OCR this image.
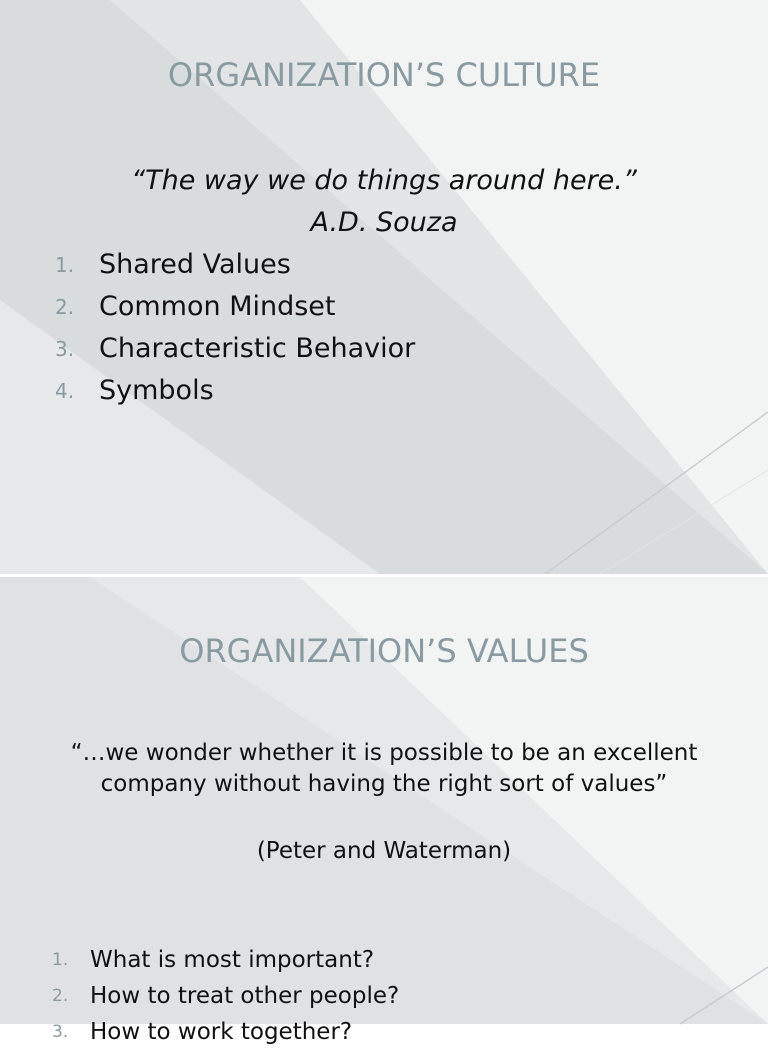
ORGANIZATION’S CULTURE

“The way we do things around here.”

A.D. Souza

1. Shared Values
2. Common Mindset
3. Characteristic Behavior
4. Symbols
ORGANIZATION’S VALUES

“…we wonder whether it is possible to be an excellent company without having the right sort of values”

(Peter and Waterman)

1. What is most important?
2. How to treat other people?
3. How to work together?
